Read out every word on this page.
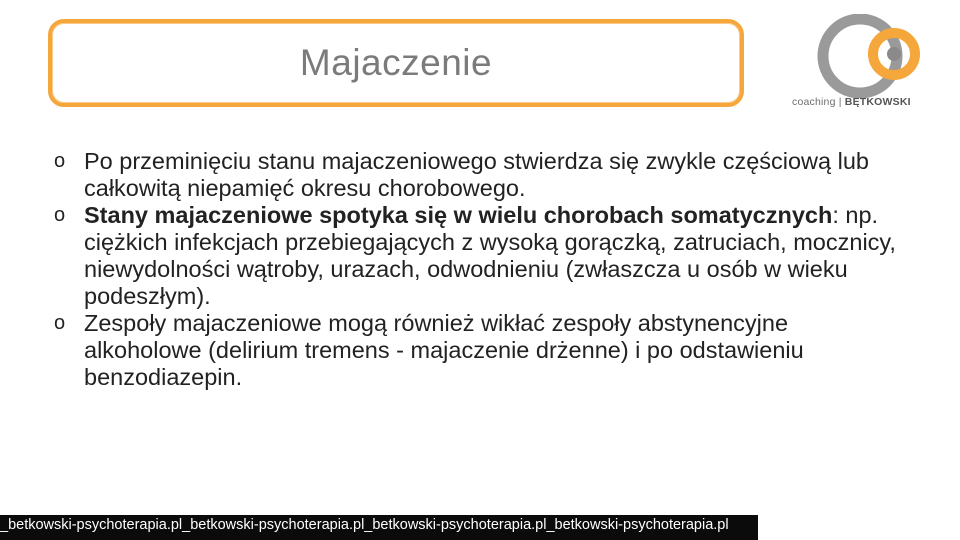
Majaczenie
coaching | BĘTKOWSKI
o Po przeminięciu stanu majaczeniowego stwierdza się zwykle częściową lub całkowitą niepamięć okresu chorobowego.
o Stany majaczeniowe spotyka się w wielu chorobach somatycznych: np. ciężkich infekcjach przebiegających z wysoką gorączką, zatruciach, mocznicy, niewydolności wątroby, urazach, odwodnieniu (zwłaszcza u osób w wieku podeszłym).
o Zespoły majaczeniowe mogą również wikłać zespoły abstynencyjne alkoholowe (delirium tremens - majaczenie drżenne) i po odstawieniu benzodiazepin.
_betkowski-psychoterapia.pl_betkowski-psychoterapia.pl_betkowski-psychoterapia.pl_betkowski-psychoterapia.pl
